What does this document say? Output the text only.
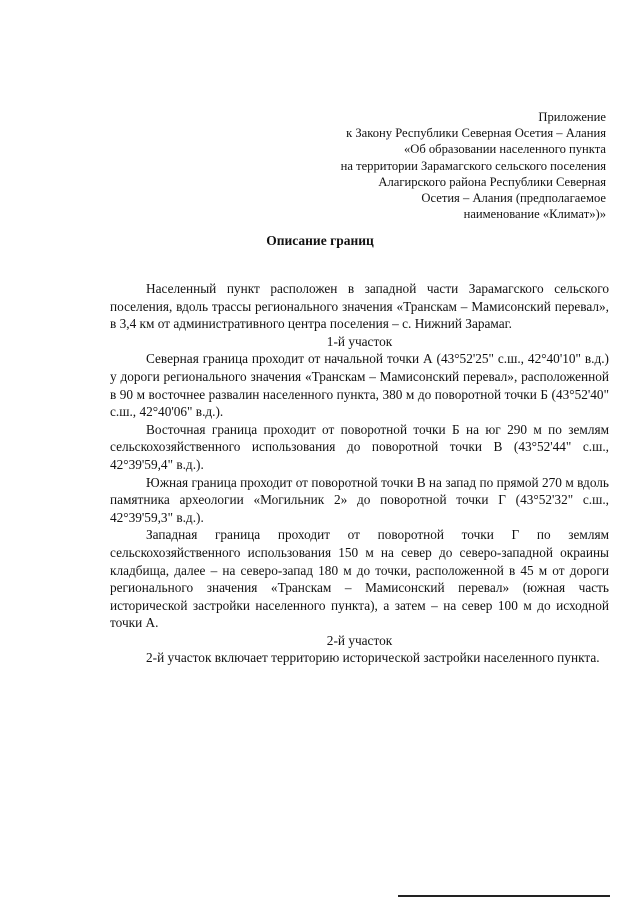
Приложение
к Закону Республики Северная Осетия – Алания
«Об образовании населенного пункта
на территории Зарамагского сельского поселения
Алагирского района Республики Северная
Осетия – Алания (предполагаемое
наименование «Климат»)»
Описание границ

Населенный пункт расположен в западной части Зарамагского сельского поселения, вдоль трассы регионального значения «Транскам – Мамисонский перевал», в 3,4 км от административного центра поселения – с. Нижний Зарамаг.

1-й участок

Северная граница проходит от начальной точки А (43°52'25" с.ш., 42°40'10" в.д.) у дороги регионального значения «Транскам – Мамисонский перевал», расположенной в 90 м восточнее развалин населенного пункта, 380 м до поворотной точки Б (43°52'40" с.ш., 42°40'06" в.д.).

Восточная граница проходит от поворотной точки Б на юг 290 м по землям сельскохозяйственного использования до поворотной точки В (43°52'44" с.ш., 42°39'59,4" в.д.).

Южная граница проходит от поворотной точки В на запад по прямой 270 м вдоль памятника археологии «Могильник 2» до поворотной точки Г (43°52'32" с.ш., 42°39'59,3" в.д.).

Западная граница проходит от поворотной точки Г по землям сельскохозяйственного использования 150 м на север до северо-западной окраины кладбища, далее – на северо-запад 180 м до точки, расположенной в 45 м от дороги регионального значения «Транскам – Мамисонский перевал» (южная часть исторической застройки населенного пункта), а затем – на север 100 м до исходной точки А.

2-й участок

2-й участок включает территорию исторической застройки населенного пункта.
